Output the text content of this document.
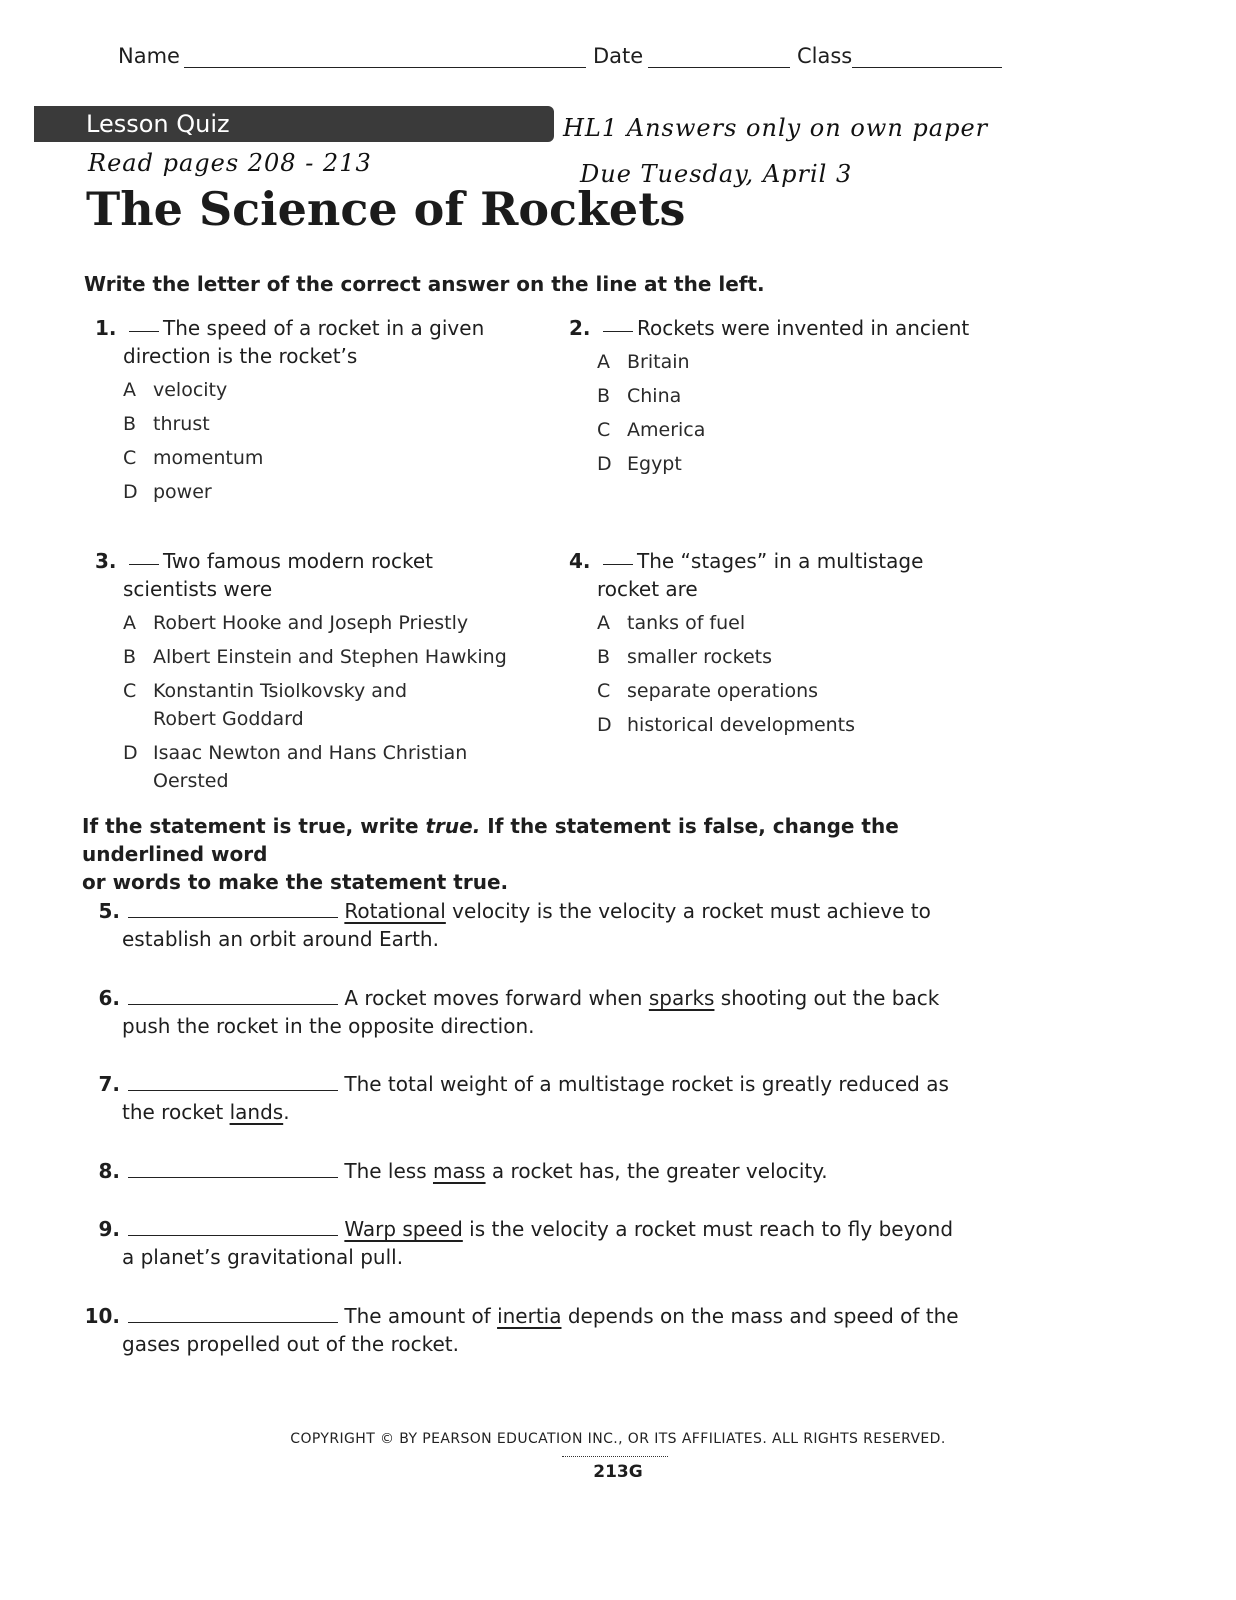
Name	Date	Class
Lesson Quiz	HL1 Answers only on own paper
Read pages 208 - 213	Due Tuesday, April 3
The Science of Rockets
Write the letter of the correct answer on the line at the left.
1. The speed of a rocket in a given
direction is the rocket’s
A velocity
B thrust
C momentum
D power
2. Rockets were invented in ancient
A Britain
B China
C America
D Egypt
3. Two famous modern rocket
scientists were
A Robert Hooke and Joseph Priestly
B Albert Einstein and Stephen Hawking
C Konstantin Tsiolkovsky and Robert Goddard
D Isaac Newton and Hans Christian Oersted
4. The “stages” in a multistage
rocket are
A tanks of fuel
B smaller rockets
C separate operations
D historical developments
If the statement is true, write true. If the statement is false, change the underlined word
or words to make the statement true.
5.	Rotational velocity is the velocity a rocket must achieve to
establish an orbit around Earth.
6.	A rocket moves forward when sparks shooting out the back
push the rocket in the opposite direction.
7.	The total weight of a multistage rocket is greatly reduced as
the rocket lands.
8.	The less mass a rocket has, the greater velocity.
9.	Warp speed is the velocity a rocket must reach to fly beyond
a planet’s gravitational pull.
10.	The amount of inertia depends on the mass and speed of the
gases propelled out of the rocket.
COPYRIGHT © BY PEARSON EDUCATION INC., OR ITS AFFILIATES. ALL RIGHTS RESERVED.
213G
